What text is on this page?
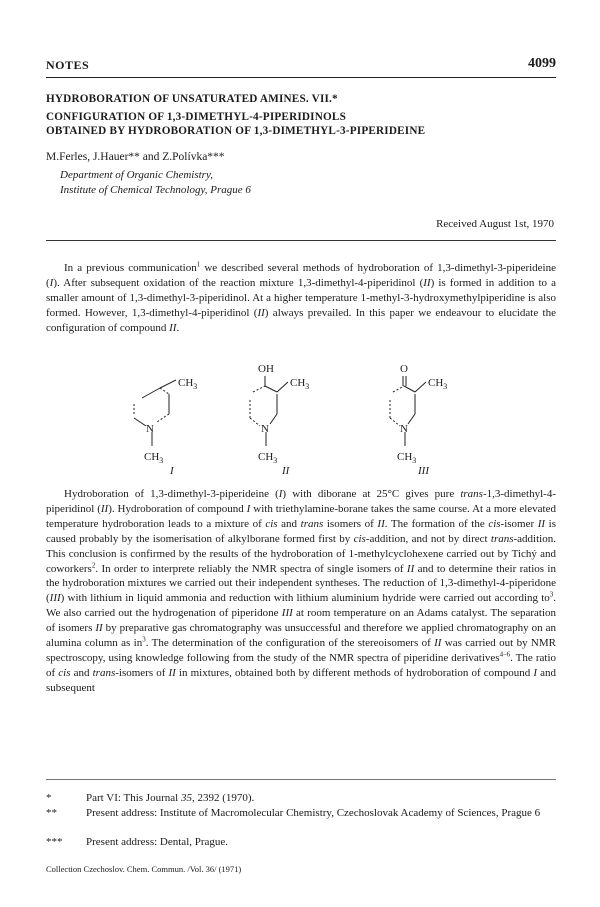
NOTES	4099
HYDROBORATION OF UNSATURATED AMINES. VII.*
CONFIGURATION OF 1,3-DIMETHYL-4-PIPERIDINOLS
OBTAINED BY HYDROBORATION OF 1,3-DIMETHYL-3-PIPERIDEINE
M.Ferles, J.Hauer** and Z.Polívka***
Department of Organic Chemistry,
Institute of Chemical Technology, Prague 6
Received August 1st, 1970

In a previous communication$^1$ we described several methods of hydroboration of 1,3-dimethyl-3-piperideine (I). After subsequent oxidation of the reaction mixture 1,3-dimethyl-4-piperidinol (II) is formed in addition to a smaller amount of 1,3-dimethyl-3-piperidinol. At a higher temperature 1-methyl-3-hydroxymethylpiperidine is also formed. However, 1,3-dimethyl-4-piperidinol (II) always prevailed. In this paper we endeavour to elucidate the configuration of compound II.

$CH_3$
N
$CH_3$
I
OH
$CH_3$
N
$CH_3$
II
O
$CH_3$
N
$CH_3$
III

Hydroboration of 1,3-dimethyl-3-piperideine (I) with diborane at 25°C gives pure trans-1,3-dimethyl-4-piperidinol (II). Hydroboration of compound I with triethylamine-borane takes the same course. At a more elevated temperature hydroboration leads to a mixture of cis and trans isomers of II. The formation of the cis-isomer II is caused probably by the isomerisation of alkylborane formed first by cis-addition, and not by direct trans-addition. This conclusion is confirmed by the results of the hydroboration of 1-methylcyclohexene carried out by Tichý and coworkers$^2$. In order to interprete reliably the NMR spectra of single isomers of II and to determine their ratios in the hydroboration mixtures we carried out their independent syntheses. The reduction of 1,3-dimethyl-4-piperidone (III) with lithium in liquid ammonia and reduction with lithium aluminium hydride were carried out according $to^3$. We also carried out the hydrogenation of piperidone III at room temperature on an Adams catalyst. The separation of isomers II by preparative gas chromatography was unsuccessful and therefore we applied chromatography on an alumina column as $in^3$. The determination of the configuration of the stereoisomers of II was carried out by NMR spectroscopy, using knowledge following from the study of the NMR spectra of piperidine derivatives$^{4-6}$. The ratio of cis and trans-isomers of II in mixtures, obtained both by different methods of hydroboration of compound I and subsequent

*	Part VI: This Journal 35, 2392 (1970).
**	Present address: Institute of Macromolecular Chemistry, Czechoslovak Academy of Sciences, Prague 6
***	Present address: Dental, Prague.
Collection Czechoslov. Chem. Commun. /Vol. 36/ (1971)
